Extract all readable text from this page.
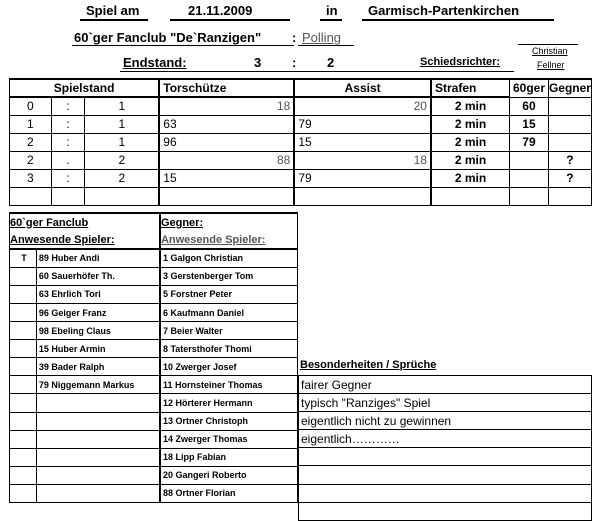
Spiel am	21.11.2009	in Garmisch-Partenkirchen
60`ger Fanclub "De`Ranzigen" : Polling
Endstand:	3 : 2	Schiedsrichter:
Christian
Fellner
Spielstand			Torschütze	Assist	Strafen	60ger	Gegner
0	:	1	18	20	2 min	60	
1	:	1	63	79	2 min	15	
2	:	1	96	15	2 min	79	
2	.	2	88	18	2 min		?
3	:	2	15	79	2 min		?

60`ger Fanclub		Gegner:
Anwesende Spieler:		Anwesende Spieler:
T	89 Huber Andi	1 Galgon Christian
	60 Sauerhöfer Th.	3 Gerstenberger Tom
	63 Ehrlich Tori	5 Forstner Peter
	96 Geiger Franz	6 Kaufmann Daniel
	98 Ebeling Claus	7 Beier Walter
	15 Huber Armin	8 Tatersthofer Thomi
	39 Bader Ralph	10 Zwerger Josef
	79 Niggemann Markus	11 Hornsteiner Thomas
		12 Hörterer Hermann
		13 Ortner Christoph
		14 Zwerger Thomas
		18 Lipp Fabian
		20 Gangeri Roberto
		88 Ortner Florian
Besonderheiten / Sprüche
fairer Gegner
typisch "Ranziges" Spiel
eigentlich nicht zu gewinnen
eigentlich…………
